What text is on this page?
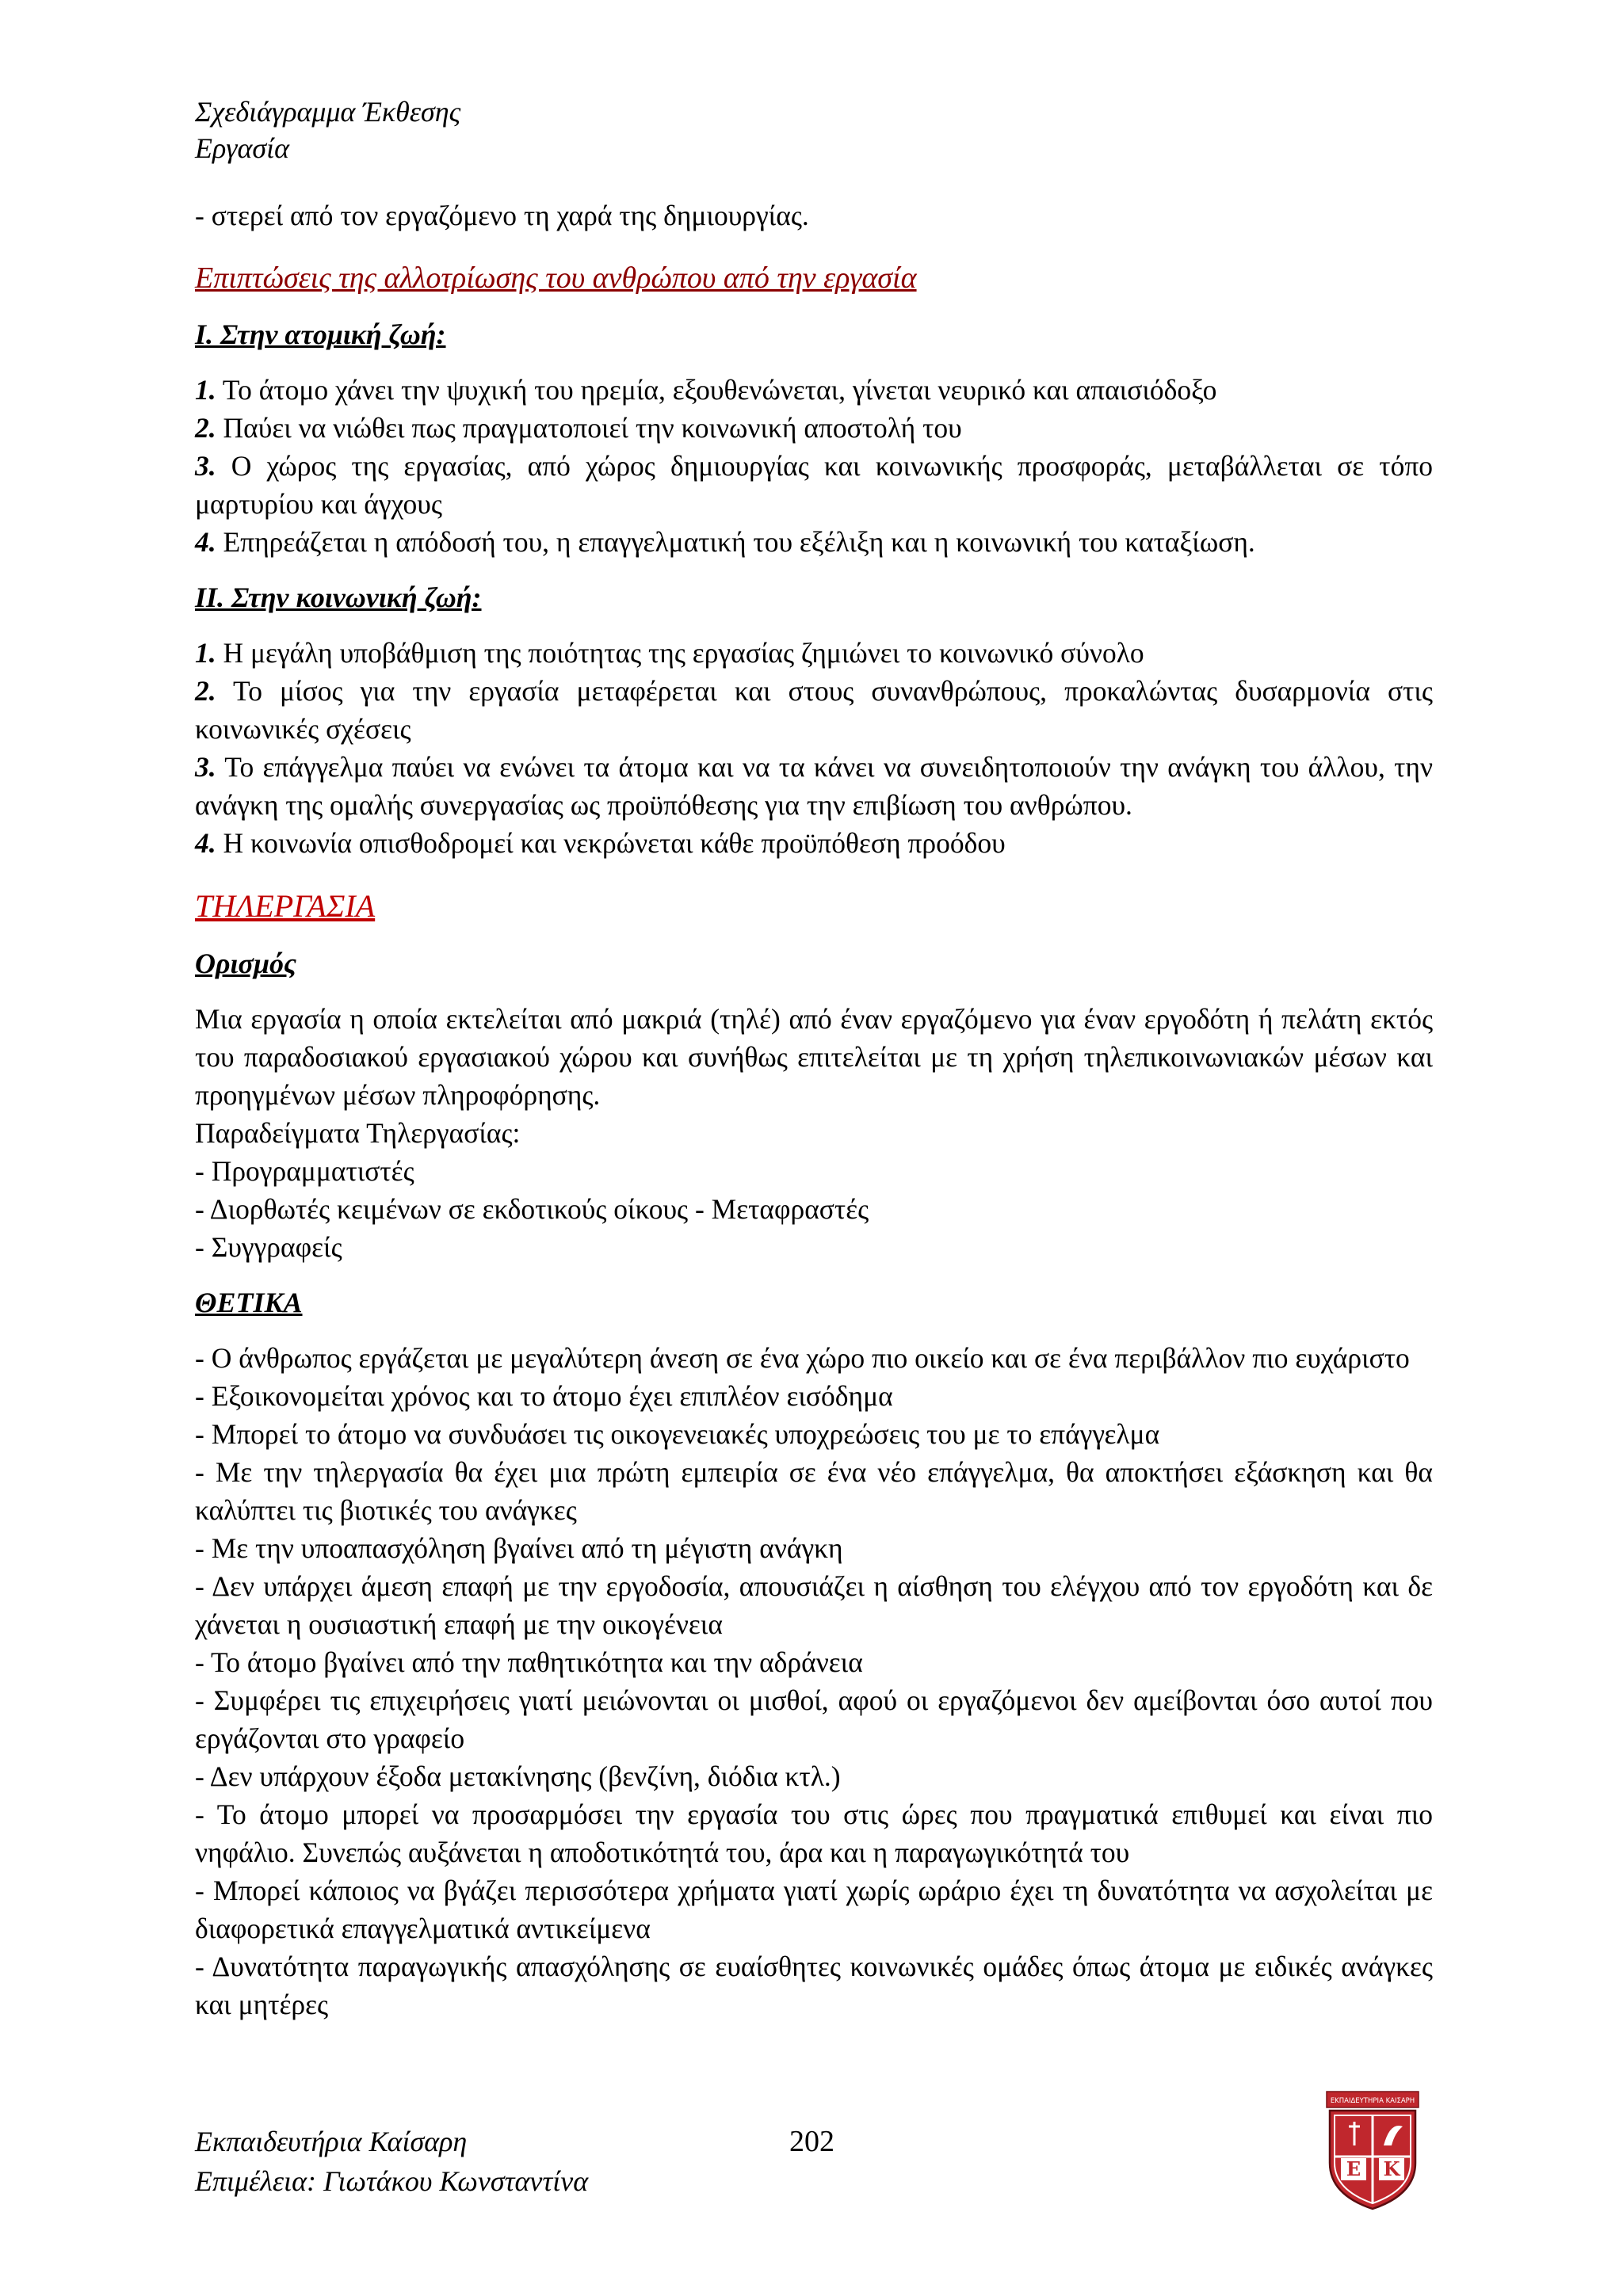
Σχεδιάγραμμα Έκθεσης
Εργασία

- στερεί από τον εργαζόμενο τη χαρά της δημιουργίας.

Επιπτώσεις της αλλοτρίωσης του ανθρώπου από την εργασία

Ι. Στην ατομική ζωή:

1. Το άτομο χάνει την ψυχική του ηρεμία, εξουθενώνεται, γίνεται νευρικό και απαισιόδοξο

2. Παύει να νιώθει πως πραγματοποιεί την κοινωνική αποστολή του

3. Ο χώρος της εργασίας, από χώρος δημιουργίας και κοινωνικής προσφοράς, μεταβάλλεται σε τόπο μαρτυρίου και άγχους

4. Επηρεάζεται η απόδοσή του, η επαγγελματική του εξέλιξη και η κοινωνική του καταξίωση.

ΙΙ. Στην κοινωνική ζωή:

1. Η μεγάλη υποβάθμιση της ποιότητας της εργασίας ζημιώνει το κοινωνικό σύνολο

2. Το μίσος για την εργασία μεταφέρεται και στους συνανθρώπους, προκαλώντας δυσαρμονία στις κοινωνικές σχέσεις

3. Το επάγγελμα παύει να ενώνει τα άτομα και να τα κάνει να συνειδητοποιούν την ανάγκη του άλλου, την ανάγκη της ομαλής συνεργασίας ως προϋπόθεσης για την επιβίωση του ανθρώπου.

4. Η κοινωνία οπισθοδρομεί και νεκρώνεται κάθε προϋπόθεση προόδου

ΤΗΛΕΡΓΑΣΙΑ

Ορισμός

Μια εργασία η οποία εκτελείται από μακριά (τηλέ) από έναν εργαζόμενο για έναν εργοδότη ή πελάτη εκτός του παραδοσιακού εργασιακού χώρου και συνήθως επιτελείται με τη χρήση τηλεπικοινωνιακών μέσων και προηγμένων μέσων πληροφόρησης.

Παραδείγματα Τηλεργασίας:

- Προγραμματιστές

- Διορθωτές κειμένων σε εκδοτικούς οίκους - Μεταφραστές

- Συγγραφείς

ΘΕΤΙΚΑ

- Ο άνθρωπος εργάζεται με μεγαλύτερη άνεση σε ένα χώρο πιο οικείο και σε ένα περιβάλλον πιο ευχάριστο

- Εξοικονομείται χρόνος και το άτομο έχει επιπλέον εισόδημα

- Μπορεί το άτομο να συνδυάσει τις οικογενειακές υποχρεώσεις του με το επάγγελμα

- Με την τηλεργασία θα έχει μια πρώτη εμπειρία σε ένα νέο επάγγελμα, θα αποκτήσει εξάσκηση και θα καλύπτει τις βιοτικές του ανάγκες

- Με την υποαπασχόληση βγαίνει από τη μέγιστη ανάγκη

- Δεν υπάρχει άμεση επαφή με την εργοδοσία, απουσιάζει η αίσθηση του ελέγχου από τον εργοδότη και δε χάνεται η ουσιαστική επαφή με την οικογένεια

- Το άτομο βγαίνει από την παθητικότητα και την αδράνεια

- Συμφέρει τις επιχειρήσεις γιατί μειώνονται οι μισθοί, αφού οι εργαζόμενοι δεν αμείβονται όσο αυτοί που εργάζονται στο γραφείο

- Δεν υπάρχουν έξοδα μετακίνησης (βενζίνη, διόδια κτλ.)

- Το άτομο μπορεί να προσαρμόσει την εργασία του στις ώρες που πραγματικά επιθυμεί και είναι πιο νηφάλιο. Συνεπώς αυξάνεται η αποδοτικότητά του, άρα και η παραγωγικότητά του

- Μπορεί κάποιος να βγάζει περισσότερα χρήματα γιατί χωρίς ωράριο έχει τη δυνατότητα να ασχολείται με διαφορετικά επαγγελματικά αντικείμενα

- Δυνατότητα παραγωγικής απασχόλησης σε ευαίσθητες κοινωνικές ομάδες όπως άτομα με ειδικές ανάγκες και μητέρες

Εκπαιδευτήρια Καίσαρη
Επιμέλεια: Γιωτάκου Κωνσταντίνα
202
ΕΚΠΑΙΔΕΥΤΗΡΙΑ ΚΑΙΣΑΡΗ
Ε Κ
